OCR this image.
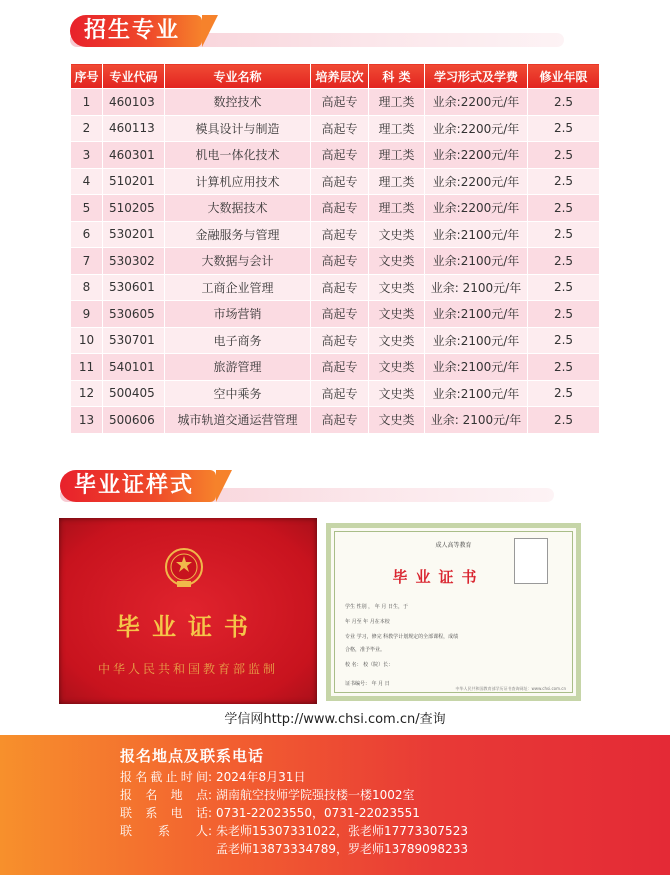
招生专业
序号	专业代码	专业名称	培养层次	科 类	学习形式及学费	修业年限
1	460103	数控技术	高起专	理工类	业余:2200元/年	2.5
2	460113	模具设计与制造	高起专	理工类	业余:2200元/年	2.5
3	460301	机电一体化技术	高起专	理工类	业余:2200元/年	2.5
4	510201	计算机应用技术	高起专	理工类	业余:2200元/年	2.5
5	510205	大数据技术	高起专	理工类	业余:2200元/年	2.5
6	530201	金融服务与管理	高起专	文史类	业余:2100元/年	2.5
7	530302	大数据与会计	高起专	文史类	业余:2100元/年	2.5
8	530601	工商企业管理	高起专	文史类	业余: 2100元/年	2.5
9	530605	市场营销	高起专	文史类	业余:2100元/年	2.5
10	530701	电子商务	高起专	文史类	业余:2100元/年	2.5
11	540101	旅游管理	高起专	文史类	业余:2100元/年	2.5
12	500405	空中乘务	高起专	文史类	业余:2100元/年	2.5
13	500606	城市轨道交通运营管理	高起专	文史类	业余: 2100元/年	2.5
毕业证样式
毕业证书
中华人民共和国教育部监制
成人高等教育
毕业证书
学生 性别 ， 年 月 日生，于
年 月至 年 月在本校
专业 学习，修完 科教学计划规定的全部课程，成绩
合格，准予毕业。
校 名： 校（院）长：
证书编号： 年 月 日
中华人民共和国教育部学历证书查询网址：www.chsi.com.cn
学信网http://www.chsi.com.cn/查询
报名地点及联系电话
报名截止时间: 2024年8月31日
报名地点: 湖南航空技师学院强技楼一楼1002室
联系电话: 0731-22023550，0731-22023551
联系人: 朱老师15307331022，张老师17773307523
孟老师13873334789，罗老师13789098233
